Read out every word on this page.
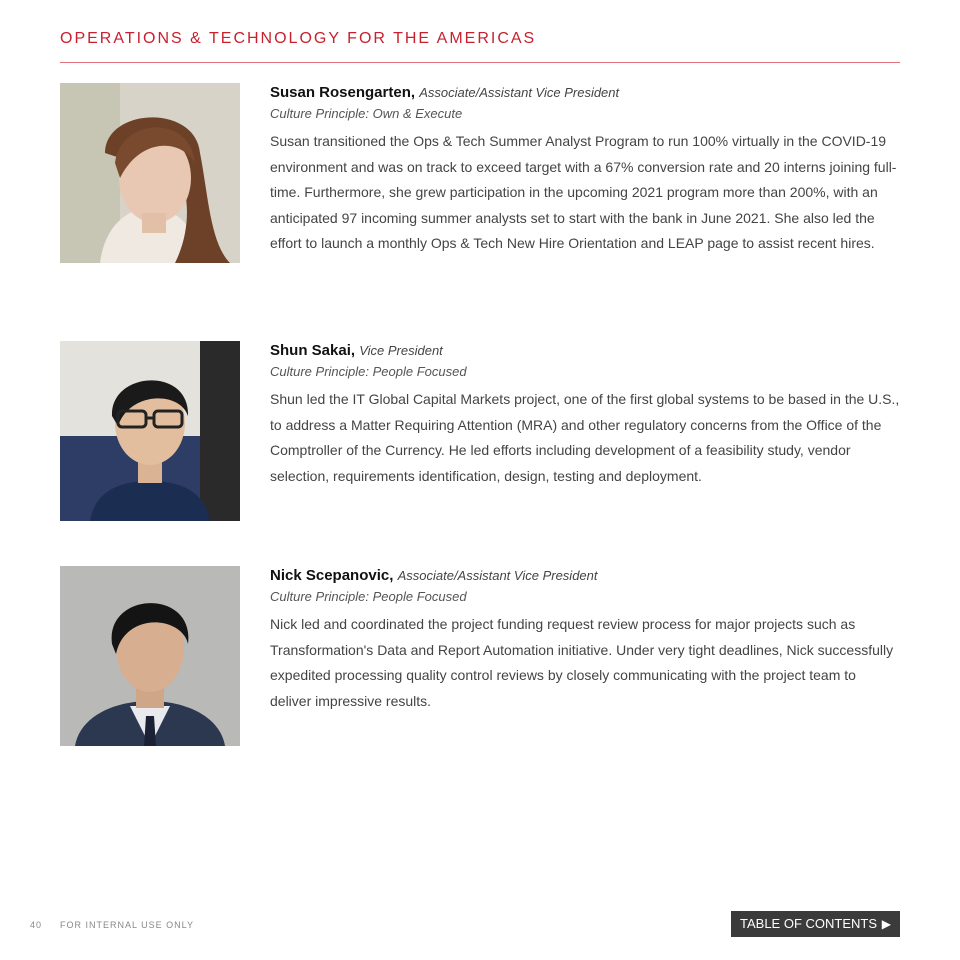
OPERATIONS & TECHNOLOGY FOR THE AMERICAS
Susan Rosengarten, Associate/Assistant Vice President
Culture Principle: Own & Execute
Susan transitioned the Ops & Tech Summer Analyst Program to run 100% virtually in the COVID-19 environment and was on track to exceed target with a 67% conversion rate and 20 interns joining full-time. Furthermore, she grew participation in the upcoming 2021 program more than 200%, with an anticipated 97 incoming summer analysts set to start with the bank in June 2021. She also led the effort to launch a monthly Ops & Tech New Hire Orientation and LEAP page to assist recent hires.
Shun Sakai, Vice President
Culture Principle: People Focused
Shun led the IT Global Capital Markets project, one of the first global systems to be based in the U.S., to address a Matter Requiring Attention (MRA) and other regulatory concerns from the Office of the Comptroller of the Currency. He led efforts including development of a feasibility study, vendor selection, requirements identification, design, testing and deployment.
Nick Scepanovic, Associate/Assistant Vice President
Culture Principle: People Focused
Nick led and coordinated the project funding request review process for major projects such as Transformation's Data and Report Automation initiative. Under very tight deadlines, Nick successfully expedited processing quality control reviews by closely communicating with the project team to deliver impressive results.
40 FOR INTERNAL USE ONLY	TABLE OF CONTENTS ▶
